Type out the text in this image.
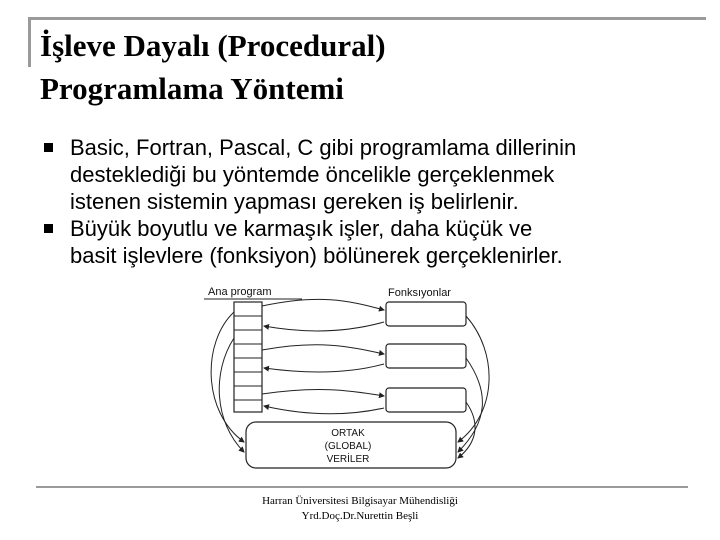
İşleve Dayalı (Procedural)
Programlama Yöntemi
Basic, Fortran, Pascal, C gibi programlama dillerinin
desteklediği bu yöntemde öncelikle gerçeklenmek
istenen sistemin yapması gereken iş belirlenir.
Büyük boyutlu ve karmaşık işler, daha küçük ve
basit işlevlere (fonksiyon) bölünerek gerçeklenirler.
Ana program	Fonksıyonlar
ORTAK
(GLOBAL)
VERİLER
Harran Üniversitesi Bilgisayar Mühendisliği
Yrd.Doç.Dr.Nurettin Beşli
